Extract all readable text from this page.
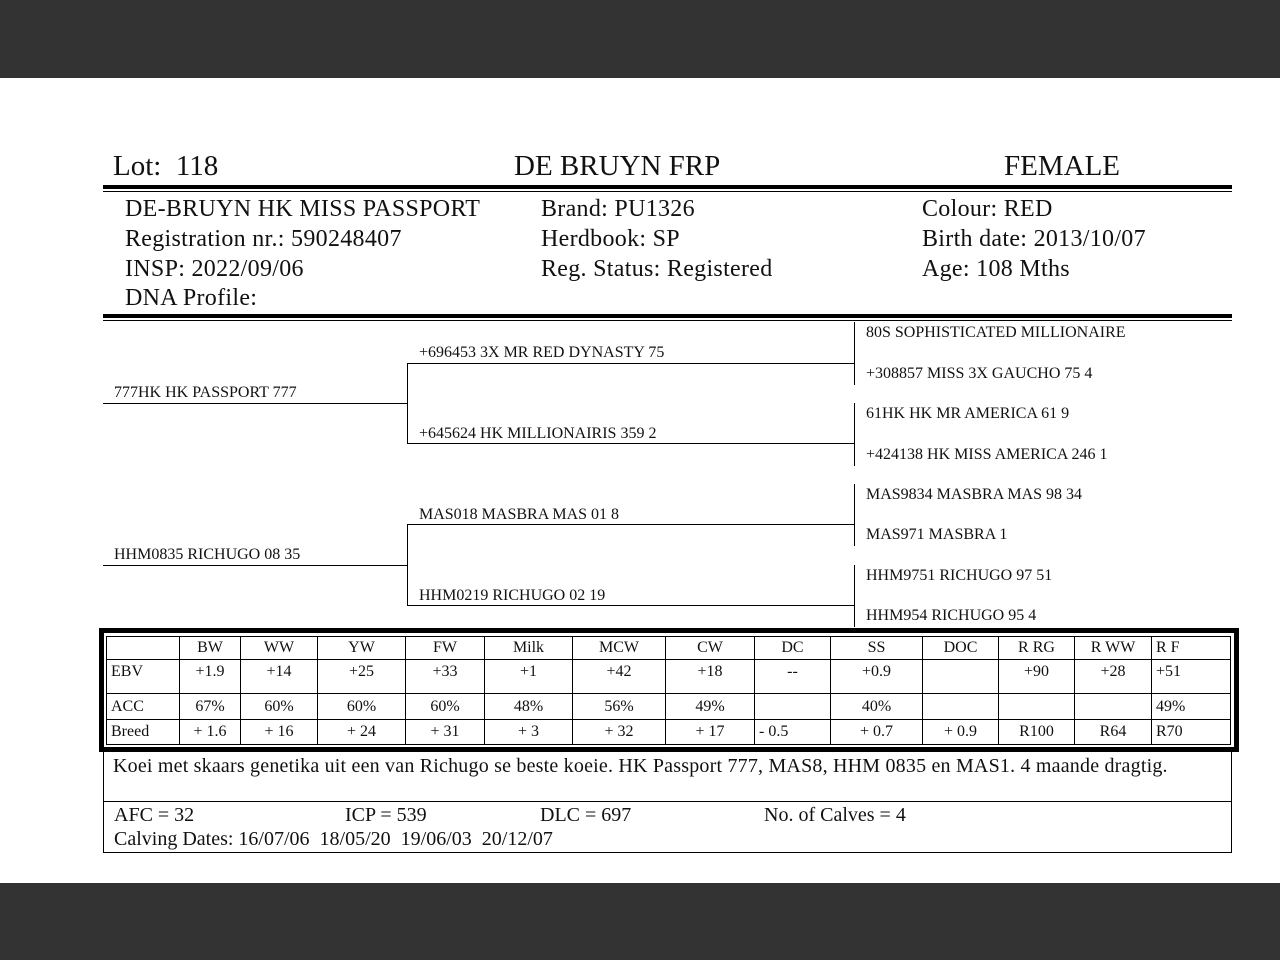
Lot: 118	DE BRUYN FRP	FEMALE
DE-BRUYN HK MISS PASSPORT
Registration nr.: 590248407
INSP: 2022/09/06
DNA Profile:
Brand: PU1326
Herdbook: SP
Reg. Status: Registered
Colour: RED
Birth date: 2013/10/07
Age: 108 Mths
777HK HK PASSPORT 777
HHM0835 RICHUGO 08 35
+696453 3X MR RED DYNASTY 75
+645624 HK MILLIONAIRIS 359 2
MAS018 MASBRA MAS 01 8
HHM0219 RICHUGO 02 19
80S SOPHISTICATED MILLIONAIRE
+308857 MISS 3X GAUCHO 75 4
61HK HK MR AMERICA 61 9
+424138 HK MISS AMERICA 246 1
MAS9834 MASBRA MAS 98 34
MAS971 MASBRA 1
HHM9751 RICHUGO 97 51
HHM954 RICHUGO 95 4
	BW	WW	YW	FW	Milk	MCW	CW	DC	SS	DOC	R RG	R WW	R F
EBV	+1.9	+14	+25	+33	+1	+42	+18	--	+0.9		+90	+28	+51
ACC	67%	60%	60%	60%	48%	56%	49%		40%				49%
Breed	+ 1.6	+ 16	+ 24	+ 31	+ 3	+ 32	+ 17	- 0.5	+ 0.7	+ 0.9	R100	R64	R70
Koei met skaars genetika uit een van Richugo se beste koeie. HK Passport 777, MAS8, HHM 0835 en MAS1. 4 maande dragtig.
AFC = 32	ICP = 539	DLC = 697	No. of Calves = 4
Calving Dates: 16/07/06  18/05/20  19/06/03  20/12/07
